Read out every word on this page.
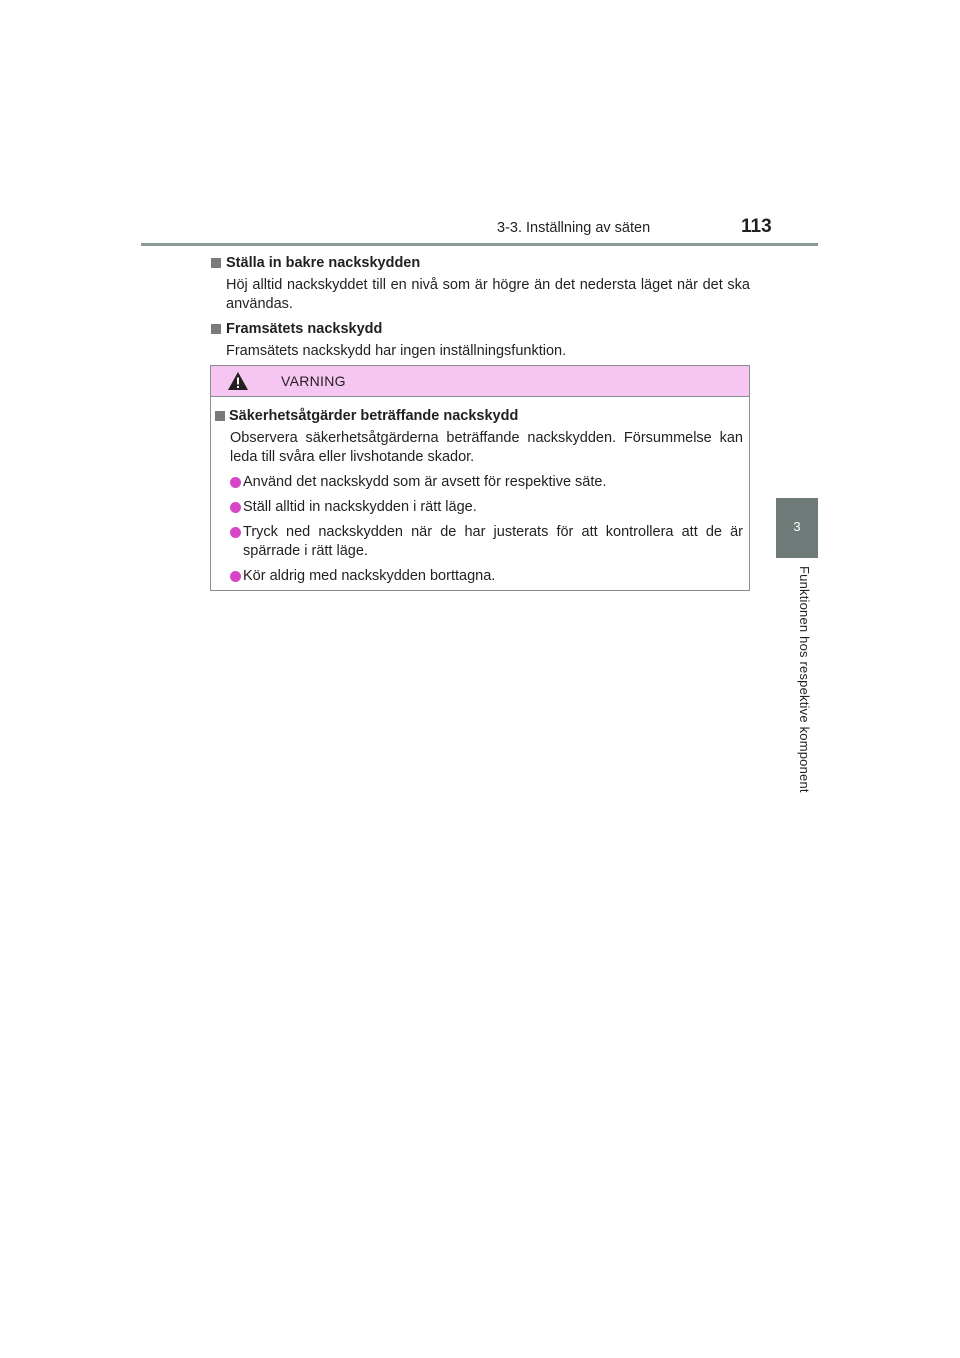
3-3. Inställning av säten	113
3
Funktionen hos respektive komponent

Ställa in bakre nackskydden

Höj alltid nackskyddet till en nivå som är högre än det nedersta läget när det ska användas.

Framsätets nackskydd

Framsätets nackskydd har ingen inställningsfunktion.

VARNING

Säkerhetsåtgärder beträffande nackskydd

Observera säkerhetsåtgärderna beträffande nackskydden. Försummelse kan leda till svåra eller livshotande skador.

Använd det nackskydd som är avsett för respektive säte.

Ställ alltid in nackskydden i rätt läge.

Tryck ned nackskydden när de har justerats för att kontrollera att de är spärrade i rätt läge.

Kör aldrig med nackskydden borttagna.
